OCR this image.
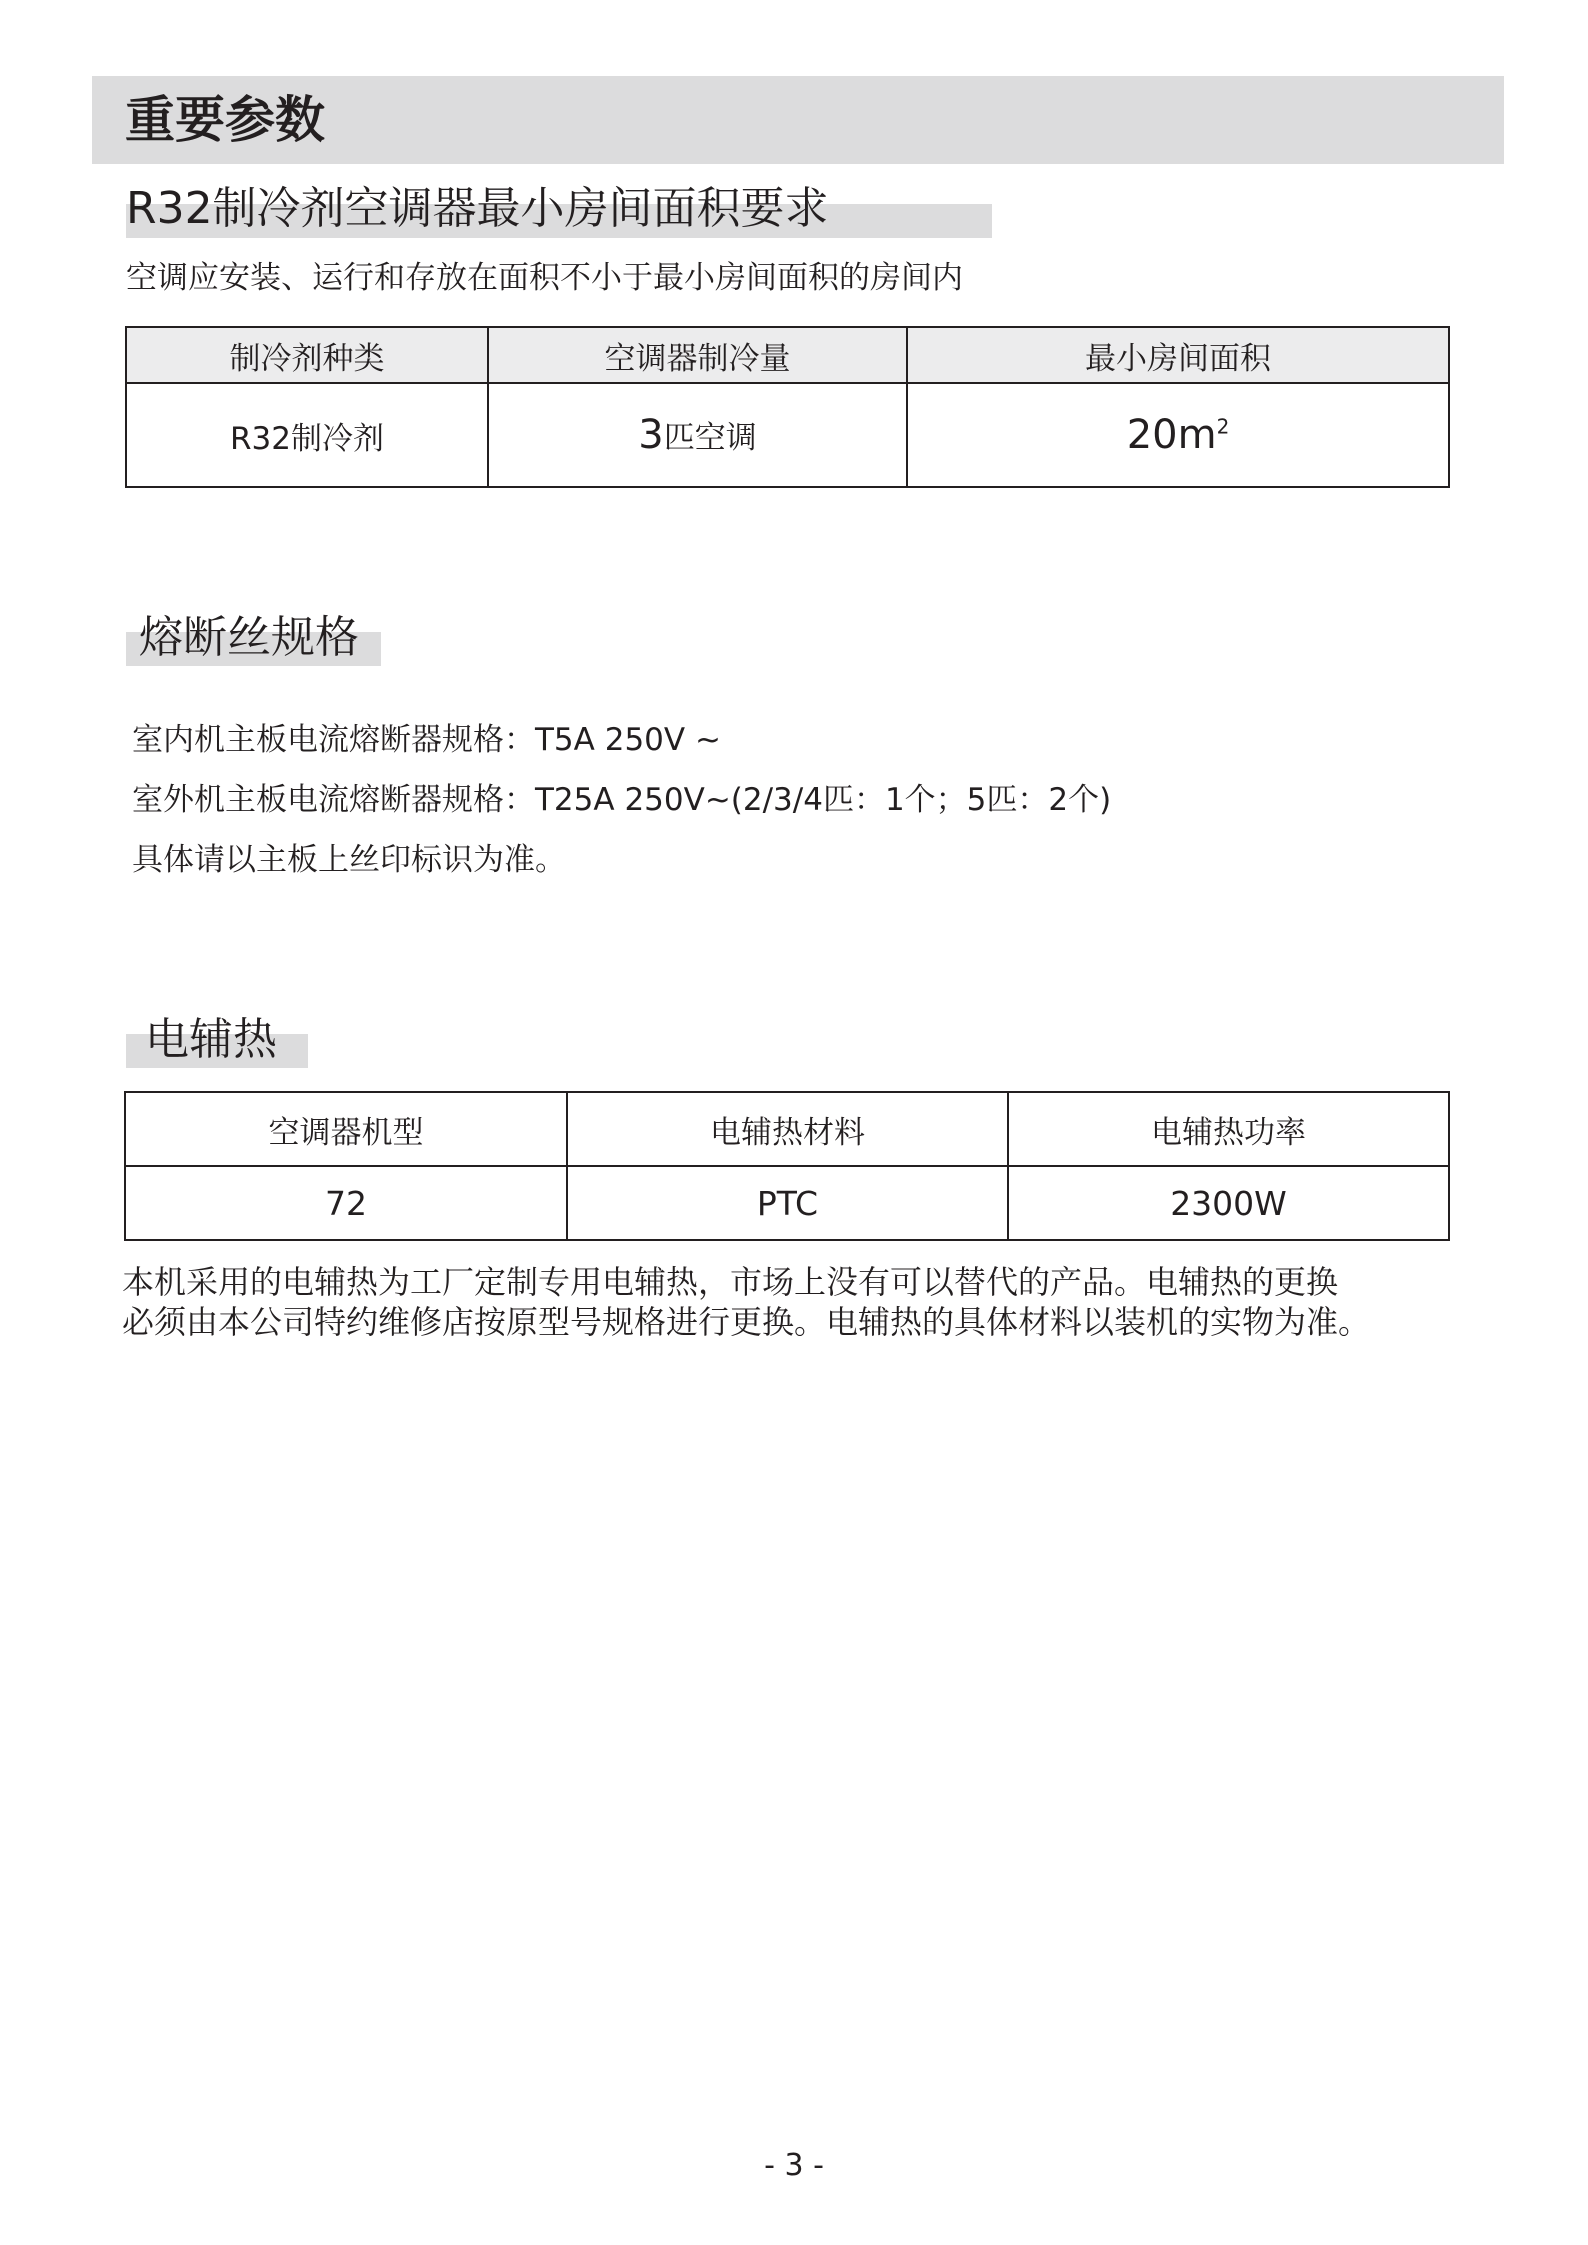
重要参数
R32制冷剂空调器最小房间面积要求
空调应安装、运行和存放在面积不小于最小房间面积的房间内
制冷剂种类	空调器制冷量	最小房间面积
R32制冷剂	3匹空调	$20m^2$
熔断丝规格
室内机主板电流熔断器规格：T5A 250V ~
室外机主板电流熔断器规格：T25A 250V~(2/3/4匹：1个；5匹：2个)
具体请以主板上丝印标识为准。
电辅热
空调器机型	电辅热材料	电辅热功率
72	PTC	2300W
本机采用的电辅热为工厂定制专用电辅热，市场上没有可以替代的产品。电辅热的更换
必须由本公司特约维修店按原型号规格进行更换。电辅热的具体材料以装机的实物为准。
- 3 -
